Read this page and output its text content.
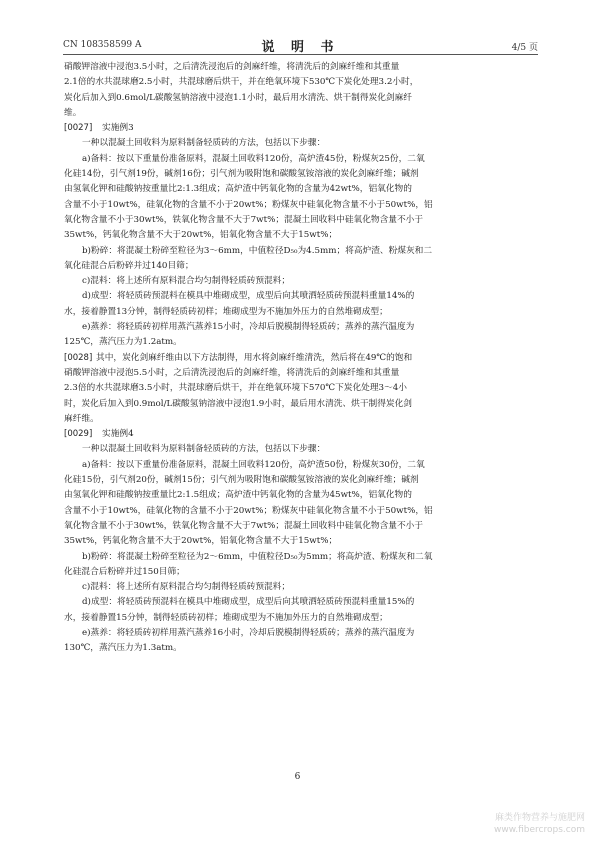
CN 108358599 A	说 明 书	4/5 页

硝酸钾溶液中浸泡3.5小时，之后清洗浸泡后的剑麻纤维，将清洗后的剑麻纤维和其重量

2.1倍的水共混球磨2.5小时，共混球磨后烘干，并在绝氧环境下530℃下炭化处理3.2小时，

炭化后加入到0.6mol/L碳酸氢钠溶液中浸泡1.1小时，最后用水清洗、烘干制得炭化剑麻纤

维。

[0027] 实施例3

一种以混凝土回收料为原料制备轻质砖的方法，包括以下步骤：

a)备料：按以下重量份准备原料，混凝土回收料120份，高炉渣45份，粉煤灰25份，二氧

化硅14份，引气剂19份，碱剂16份；引气剂为吸附饱和碳酸氢铵溶液的炭化剑麻纤维；碱剂

由氢氧化钾和硅酸钠按重量比2:1.3组成；高炉渣中钙氧化物的含量为42wt%，铝氧化物的

含量不小于10wt%，硅氧化物的含量不小于20wt%；粉煤灰中硅氧化物含量不小于50wt%，铝

氧化物含量不小于30wt%，铁氧化物含量不大于7wt%；混凝土回收料中硅氧化物含量不小于

35wt%，钙氧化物含量不大于20wt%，铝氧化物含量不大于15wt%；

b)粉碎：将混凝土粉碎至粒径为3～6mm，中值粒径D₅₀为4.5mm；将高炉渣、粉煤灰和二

氧化硅混合后粉碎并过140目筛；

c)混料：将上述所有原料混合均匀制得轻质砖预混料；

d)成型：将轻质砖预混料在模具中堆砌成型，成型后向其喷洒轻质砖预混料重量14%的

水，接着静置13分钟，制得轻质砖初样；堆砌成型为不施加外压力的自然堆砌成型；

e)蒸养：将轻质砖初样用蒸汽蒸养15小时，冷却后脱模制得轻质砖；蒸养的蒸汽温度为

125℃，蒸汽压力为1.2atm。

[0028] 其中，炭化剑麻纤维由以下方法制得，用水将剑麻纤维清洗，然后将在49℃的饱和

硝酸钾溶液中浸泡5.5小时，之后清洗浸泡后的剑麻纤维，将清洗后的剑麻纤维和其重量

2.3倍的水共混球磨3.5小时，共混球磨后烘干，并在绝氧环境下570℃下炭化处理3～4小

时，炭化后加入到0.9mol/L碳酸氢钠溶液中浸泡1.9小时，最后用水清洗、烘干制得炭化剑

麻纤维。

[0029] 实施例4

一种以混凝土回收料为原料制备轻质砖的方法，包括以下步骤：

a)备料：按以下重量份准备原料，混凝土回收料120份，高炉渣50份，粉煤灰30份，二氧

化硅15份，引气剂20份，碱剂15份；引气剂为吸附饱和碳酸氢铵溶液的炭化剑麻纤维；碱剂

由氢氧化钾和硅酸钠按重量比2:1.5组成；高炉渣中钙氧化物的含量为45wt%，铝氧化物的

含量不小于10wt%，硅氧化物的含量不小于20wt%；粉煤灰中硅氧化物含量不小于50wt%，铝

氧化物含量不小于30wt%，铁氧化物含量不大于7wt%；混凝土回收料中硅氧化物含量不小于

35wt%，钙氧化物含量不大于20wt%，铝氧化物含量不大于15wt%；

b)粉碎：将混凝土粉碎至粒径为2～6mm，中值粒径D₅₀为5mm；将高炉渣、粉煤灰和二氧

化硅混合后粉碎并过150目筛；

c)混料：将上述所有原料混合均匀制得轻质砖预混料；

d)成型：将轻质砖预混料在模具中堆砌成型，成型后向其喷洒轻质砖预混料重量15%的

水，接着静置15分钟，制得轻质砖初样；堆砌成型为不施加外压力的自然堆砌成型；

e)蒸养：将轻质砖初样用蒸汽蒸养16小时，冷却后脱模制得轻质砖；蒸养的蒸汽温度为

130℃，蒸汽压力为1.3atm。

6
麻类作物营养与施肥网
www.fibercrops.com
